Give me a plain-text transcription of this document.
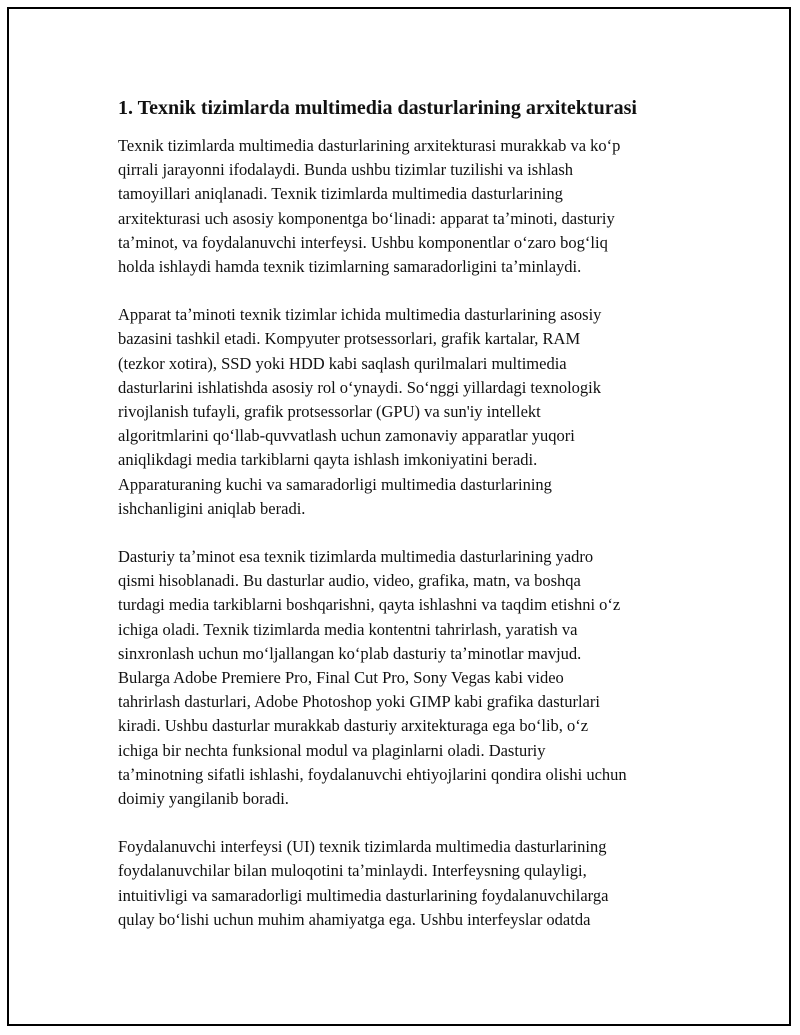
1. Texnik tizimlarda multimedia dasturlarining arxitekturasi
Texnik tizimlarda multimedia dasturlarining arxitekturasi murakkab va koʻp
qirrali jarayonni ifodalaydi. Bunda ushbu tizimlar tuzilishi va ishlash
tamoyillari aniqlanadi. Texnik tizimlarda multimedia dasturlarining
arxitekturasi uch asosiy komponentga boʻlinadi: apparat taʼminoti, dasturiy
taʼminot, va foydalanuvchi interfeysi. Ushbu komponentlar oʻzaro bogʻliq
holda ishlaydi hamda texnik tizimlarning samaradorligini taʼminlaydi.
Apparat taʼminoti texnik tizimlar ichida multimedia dasturlarining asosiy
bazasini tashkil etadi. Kompyuter protsessorlari, grafik kartalar, RAM
(tezkor xotira), SSD yoki HDD kabi saqlash qurilmalari multimedia
dasturlarini ishlatishda asosiy rol oʻynaydi. Soʻnggi yillardagi texnologik
rivojlanish tufayli, grafik protsessorlar (GPU) va sun'iy intellekt
algoritmlarini qoʻllab-quvvatlash uchun zamonaviy apparatlar yuqori
aniqlikdagi media tarkiblarni qayta ishlash imkoniyatini beradi.
Apparaturaning kuchi va samaradorligi multimedia dasturlarining
ishchanligini aniqlab beradi.
Dasturiy taʼminot esa texnik tizimlarda multimedia dasturlarining yadro
qismi hisoblanadi. Bu dasturlar audio, video, grafika, matn, va boshqa
turdagi media tarkiblarni boshqarishni, qayta ishlashni va taqdim etishni oʻz
ichiga oladi. Texnik tizimlarda media kontentni tahrirlash, yaratish va
sinxronlash uchun moʻljallangan koʻplab dasturiy taʼminotlar mavjud.
Bularga Adobe Premiere Pro, Final Cut Pro, Sony Vegas kabi video
tahrirlash dasturlari, Adobe Photoshop yoki GIMP kabi grafika dasturlari
kiradi. Ushbu dasturlar murakkab dasturiy arxitekturaga ega boʻlib, oʻz
ichiga bir nechta funksional modul va plaginlarni oladi. Dasturiy
taʼminotning sifatli ishlashi, foydalanuvchi ehtiyojlarini qondira olishi uchun
doimiy yangilanib boradi.
Foydalanuvchi interfeysi (UI) texnik tizimlarda multimedia dasturlarining
foydalanuvchilar bilan muloqotini taʼminlaydi. Interfeysning qulayligi,
intuitivligi va samaradorligi multimedia dasturlarining foydalanuvchilarga
qulay boʻlishi uchun muhim ahamiyatga ega. Ushbu interfeyslar odatda
